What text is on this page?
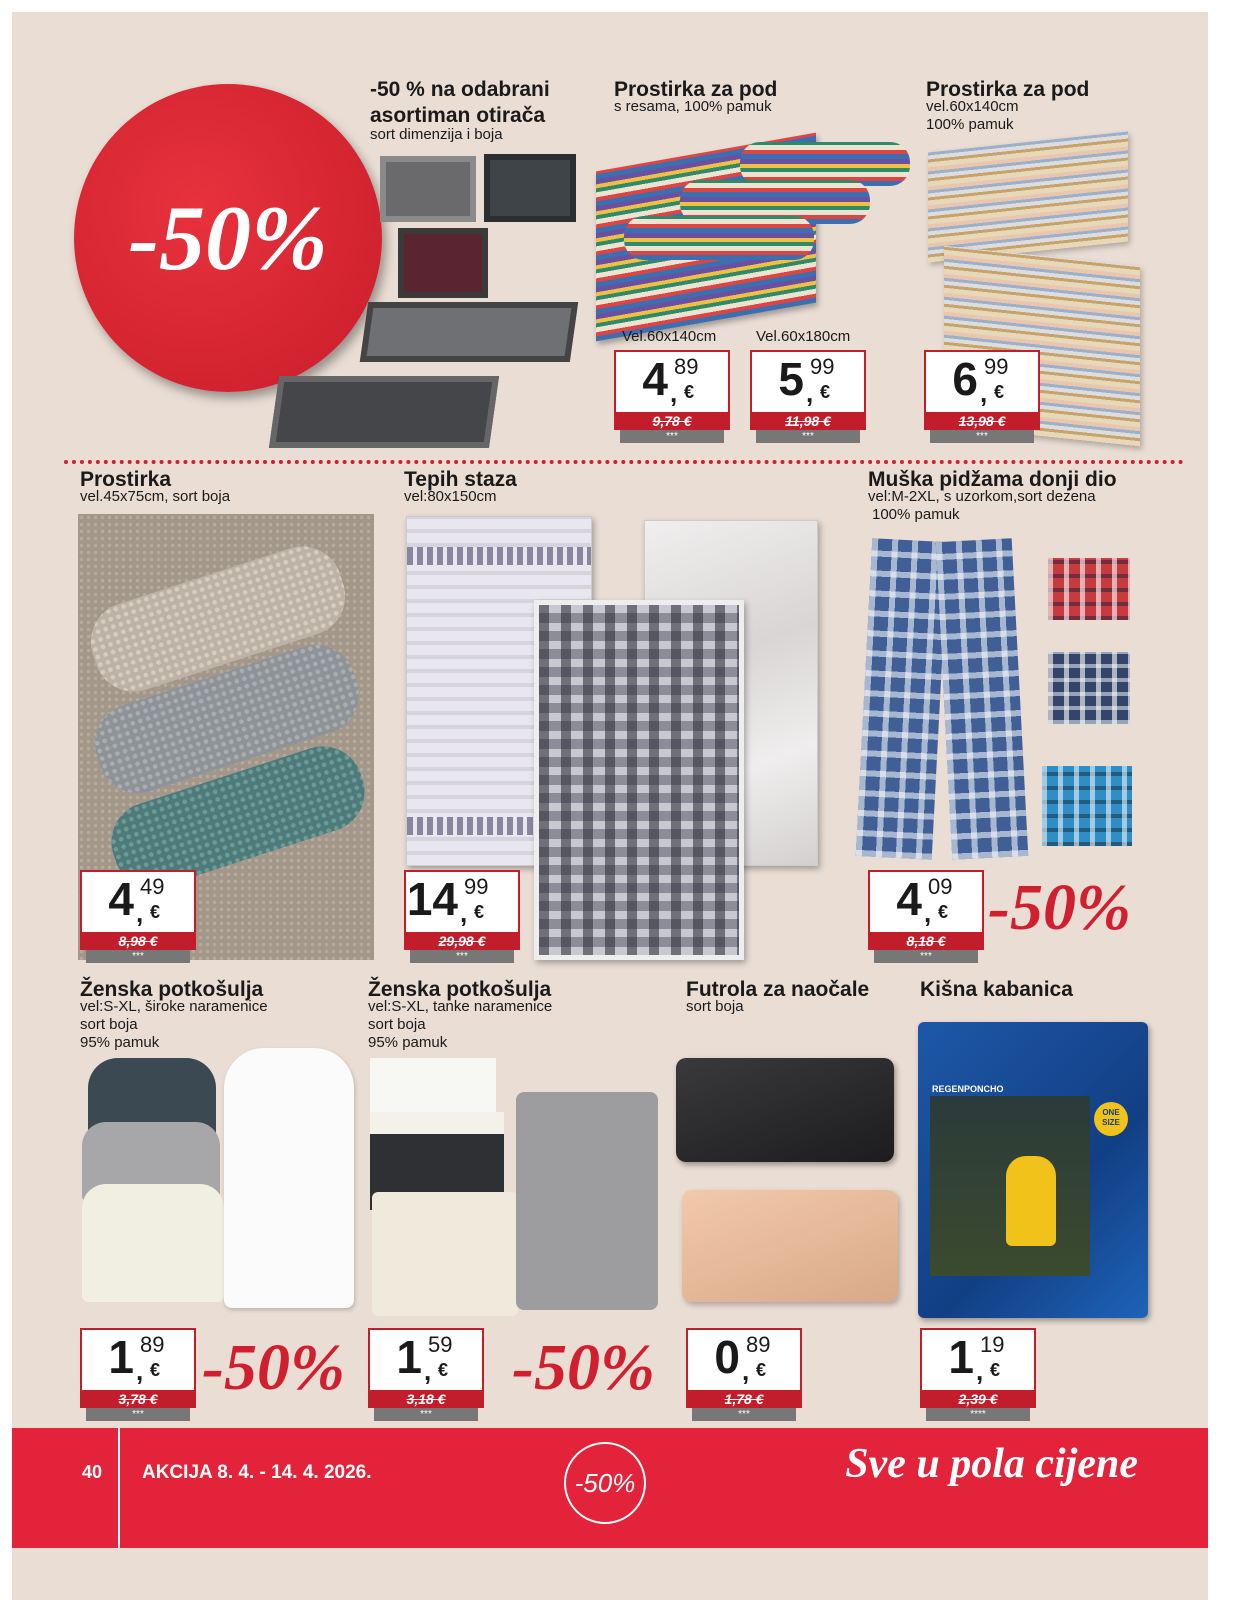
-50%
-50 % na odabrani
asortiman otirača
sort dimenzija i boja
Prostirka za pod
s resama, 100% pamuk
Vel.60x140cm	Vel.60x180cm
4 89
, €
9,78 €
***
5 99
, €
11,98 €
***
Prostirka za pod
vel.60x140cm
100% pamuk
6 99
, €
13,98 €
***
Prostirka
vel.45x75cm, sort boja
4 49
, €
8,98 €
***
Tepih staza
vel:80x150cm
14 99
, €
29,98 €
***
Muška pidžama donji dio
vel:M-2XL, s uzorkom,sort dezena
100% pamuk
4 09
, €
8,18 €
***
-50%
Ženska potkošulja
vel:S-XL, široke naramenice
sort boja
95% pamuk
1 89
, €
3,78 €
***
-50%
Ženska potkošulja
vel:S-XL, tanke naramenice
sort boja
95% pamuk
1 59
, €
3,18 €
***
-50%
Futrola za naočale
sort boja
0 89
, €
1,78 €
***
Kišna kabanica
REGENPONCHO
ONE SIZE
1 19
, €
2,39 €
****
40 AKCIJA 8. 4. - 14. 4. 2026.	-50%	Sve u pola cijene
